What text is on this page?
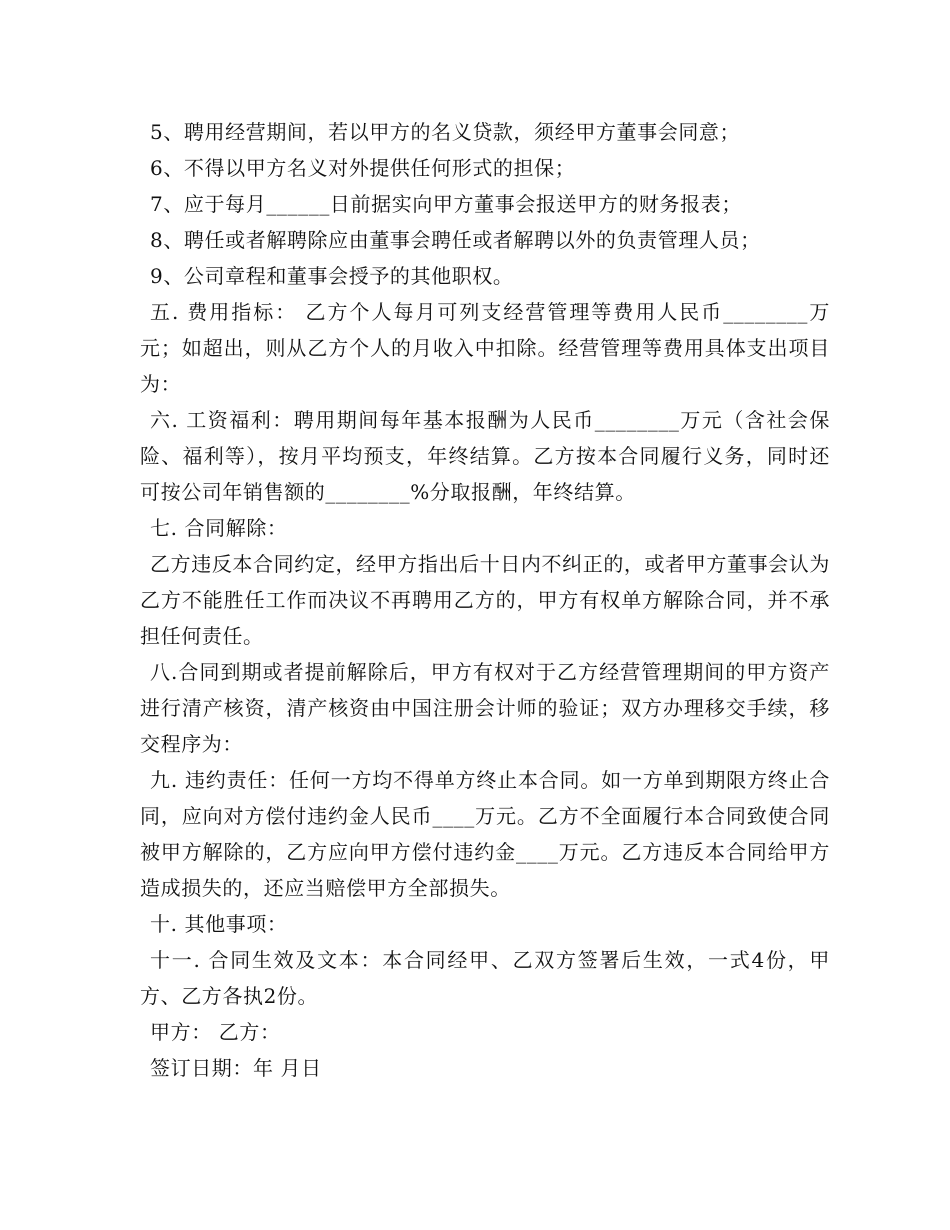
5、聘用经营期间，若以甲方的名义贷款，须经甲方董事会同意；

6、不得以甲方名义对外提供任何形式的担保；

7、应于每月______日前据实向甲方董事会报送甲方的财务报表；

8、聘任或者解聘除应由董事会聘任或者解聘以外的负责管理人员；

9、公司章程和董事会授予的其他职权。

五. 费用指标： 乙方个人每月可列支经营管理等费用人民币________万元；如超出，则从乙方个人的月收入中扣除。经营管理等费用具体支出项目为：

六. 工资福利：聘用期间每年基本报酬为人民币________万元（含社会保险、福利等），按月平均预支，年终结算。乙方按本合同履行义务，同时还可按公司年销售额的________%分取报酬，年终结算。

七. 合同解除：

乙方违反本合同约定，经甲方指出后十日内不纠正的，或者甲方董事会认为乙方不能胜任工作而决议不再聘用乙方的，甲方有权单方解除合同，并不承担任何责任。

八.合同到期或者提前解除后，甲方有权对于乙方经营管理期间的甲方资产进行清产核资，清产核资由中国注册会计师的验证；双方办理移交手续，移交程序为：

九. 违约责任：任何一方均不得单方终止本合同。如一方单到期限方终止合同，应向对方偿付违约金人民币____万元。乙方不全面履行本合同致使合同被甲方解除的，乙方应向甲方偿付违约金____万元。乙方违反本合同给甲方造成损失的，还应当赔偿甲方全部损失。

十. 其他事项：

十一. 合同生效及文本：本合同经甲、乙双方签署后生效，一式4份，甲方、乙方各执2份。

甲方： 乙方：

签订日期：年 月日
